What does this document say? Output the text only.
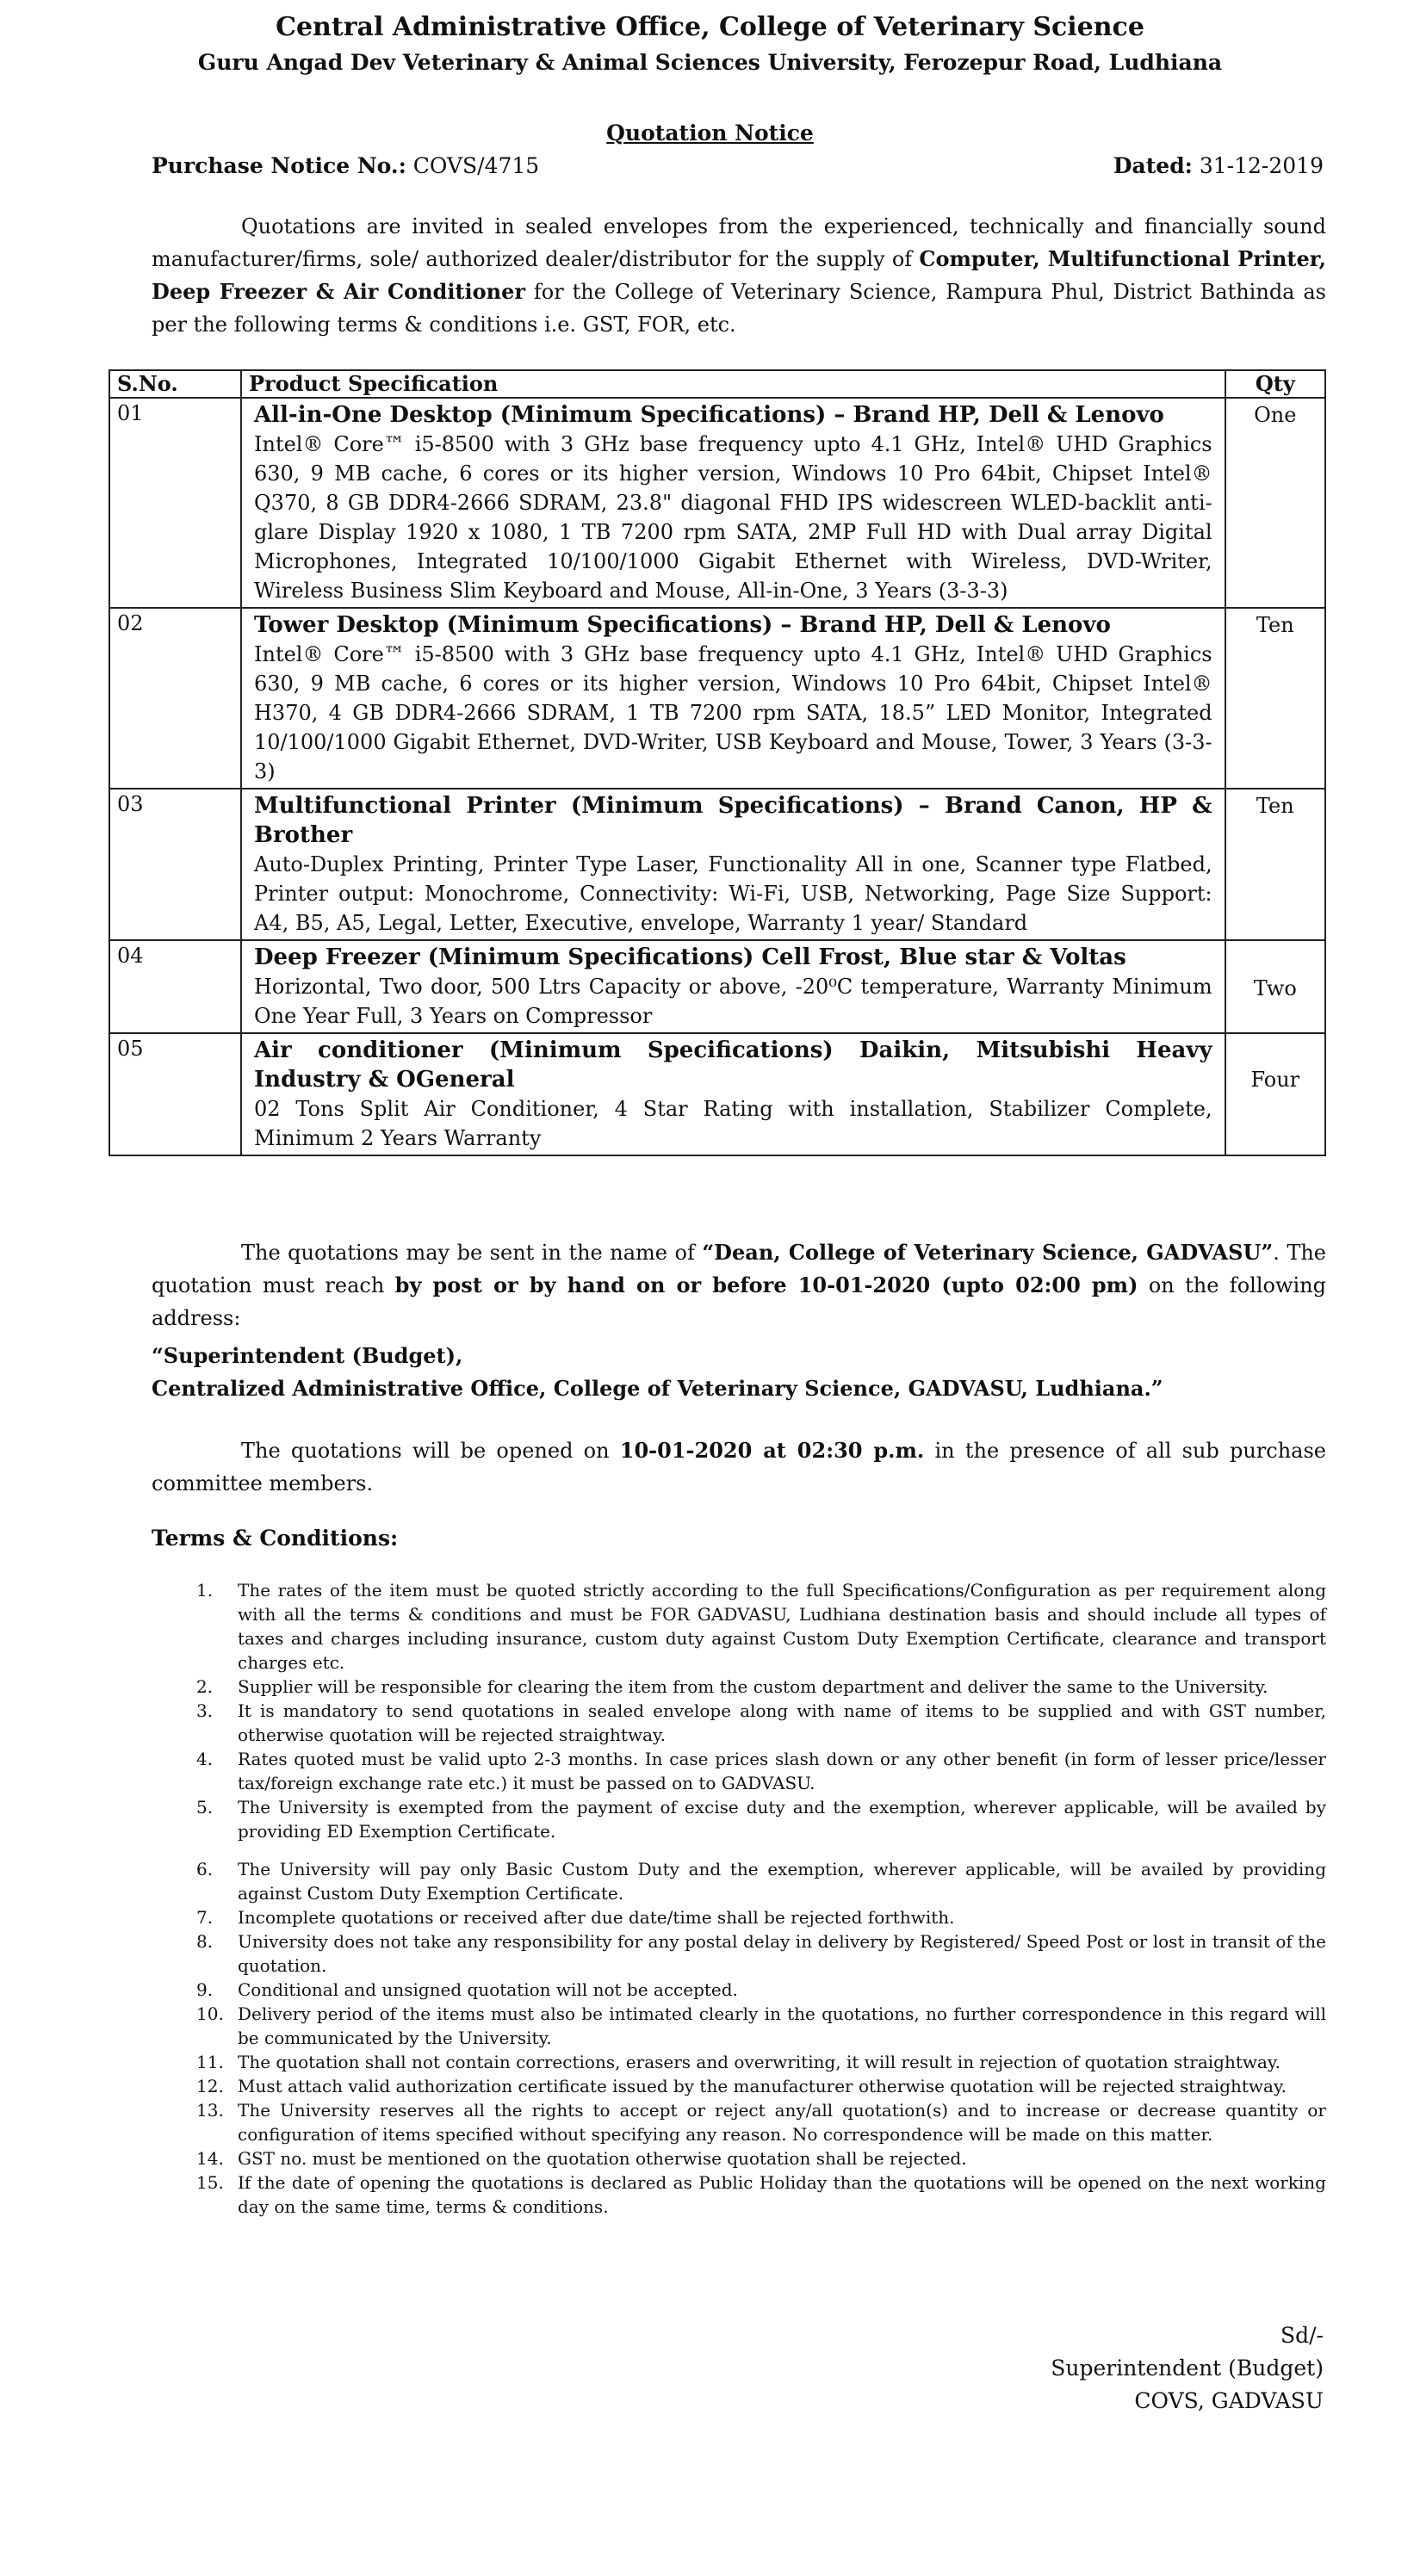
Central Administrative Office, College of Veterinary Science
Guru Angad Dev Veterinary & Animal Sciences University, Ferozepur Road, Ludhiana
Quotation Notice
Purchase Notice No.: COVS/4715	Dated: 31-12-2019
Quotations are invited in sealed envelopes from the experienced, technically and financially sound manufacturer/firms, sole/ authorized dealer/distributor for the supply of Computer, Multifunctional Printer, Deep Freezer & Air Conditioner for the College of Veterinary Science, Rampura Phul, District Bathinda as per the following terms & conditions i.e. GST, FOR, etc.
S.No.	Product Specification	Qty
01	All-in-One Desktop (Minimum Specifications) – Brand HP, Dell & Lenovo
Intel® Core™ i5-8500 with 3 GHz base frequency upto 4.1 GHz, Intel® UHD Graphics 630, 9 MB cache, 6 cores or its higher version, Windows 10 Pro 64bit, Chipset Intel® Q370, 8 GB DDR4-2666 SDRAM, 23.8" diagonal FHD IPS widescreen WLED-backlit anti-glare Display 1920 x 1080, 1 TB 7200 rpm SATA, 2MP Full HD with Dual array Digital Microphones, Integrated 10/100/1000 Gigabit Ethernet with Wireless, DVD-Writer, Wireless Business Slim Keyboard and Mouse, All-in-One, 3 Years (3-3-3)	One
02	Tower Desktop (Minimum Specifications) – Brand HP, Dell & Lenovo
Intel® Core™ i5-8500 with 3 GHz base frequency upto 4.1 GHz, Intel® UHD Graphics 630, 9 MB cache, 6 cores or its higher version, Windows 10 Pro 64bit, Chipset Intel® H370, 4 GB DDR4-2666 SDRAM, 1 TB 7200 rpm SATA, 18.5” LED Monitor, Integrated 10/100/1000 Gigabit Ethernet, DVD-Writer, USB Keyboard and Mouse, Tower, 3 Years (3-3-3)	Ten
03	Multifunctional Printer (Minimum Specifications) – Brand Canon, HP & Brother
Auto-Duplex Printing, Printer Type Laser, Functionality All in one, Scanner type Flatbed, Printer output: Monochrome, Connectivity: Wi-Fi, USB, Networking, Page Size Support: A4, B5, A5, Legal, Letter, Executive, envelope, Warranty 1 year/ Standard	Ten
04	Deep Freezer (Minimum Specifications) Cell Frost, Blue star & Voltas
Horizontal, Two door, 500 Ltrs Capacity or above, -20⁰C temperature, Warranty Minimum One Year Full, 3 Years on Compressor	Two
05	Air conditioner (Minimum Specifications) Daikin, Mitsubishi Heavy Industry & OGeneral
02 Tons Split Air Conditioner, 4 Star Rating with installation, Stabilizer Complete, Minimum 2 Years Warranty	Four
The quotations may be sent in the name of “Dean, College of Veterinary Science, GADVASU”. The quotation must reach by post or by hand on or before 10-01-2020 (upto 02:00 pm) on the following address:
“Superintendent (Budget),
Centralized Administrative Office, College of Veterinary Science, GADVASU, Ludhiana.”
The quotations will be opened on 10-01-2020 at 02:30 p.m. in the presence of all sub purchase committee members.
Terms & Conditions:
1. The rates of the item must be quoted strictly according to the full Specifications/Configuration as per requirement along with all the terms & conditions and must be FOR GADVASU, Ludhiana destination basis and should include all types of taxes and charges including insurance, custom duty against Custom Duty Exemption Certificate, clearance and transport charges etc.
2. Supplier will be responsible for clearing the item from the custom department and deliver the same to the University.
3. It is mandatory to send quotations in sealed envelope along with name of items to be supplied and with GST number, otherwise quotation will be rejected straightway.
4. Rates quoted must be valid upto 2-3 months. In case prices slash down or any other benefit (in form of lesser price/lesser tax/foreign exchange rate etc.) it must be passed on to GADVASU.
5. The University is exempted from the payment of excise duty and the exemption, wherever applicable, will be availed by providing ED Exemption Certificate.
6. The University will pay only Basic Custom Duty and the exemption, wherever applicable, will be availed by providing against Custom Duty Exemption Certificate.
7. Incomplete quotations or received after due date/time shall be rejected forthwith.
8. University does not take any responsibility for any postal delay in delivery by Registered/ Speed Post or lost in transit of the quotation.
9. Conditional and unsigned quotation will not be accepted.
10. Delivery period of the items must also be intimated clearly in the quotations, no further correspondence in this regard will be communicated by the University.
11. The quotation shall not contain corrections, erasers and overwriting, it will result in rejection of quotation straightway.
12. Must attach valid authorization certificate issued by the manufacturer otherwise quotation will be rejected straightway.
13. The University reserves all the rights to accept or reject any/all quotation(s) and to increase or decrease quantity or configuration of items specified without specifying any reason. No correspondence will be made on this matter.
14. GST no. must be mentioned on the quotation otherwise quotation shall be rejected.
15. If the date of opening the quotations is declared as Public Holiday than the quotations will be opened on the next working day on the same time, terms & conditions.
Sd/-
Superintendent (Budget)
COVS, GADVASU
